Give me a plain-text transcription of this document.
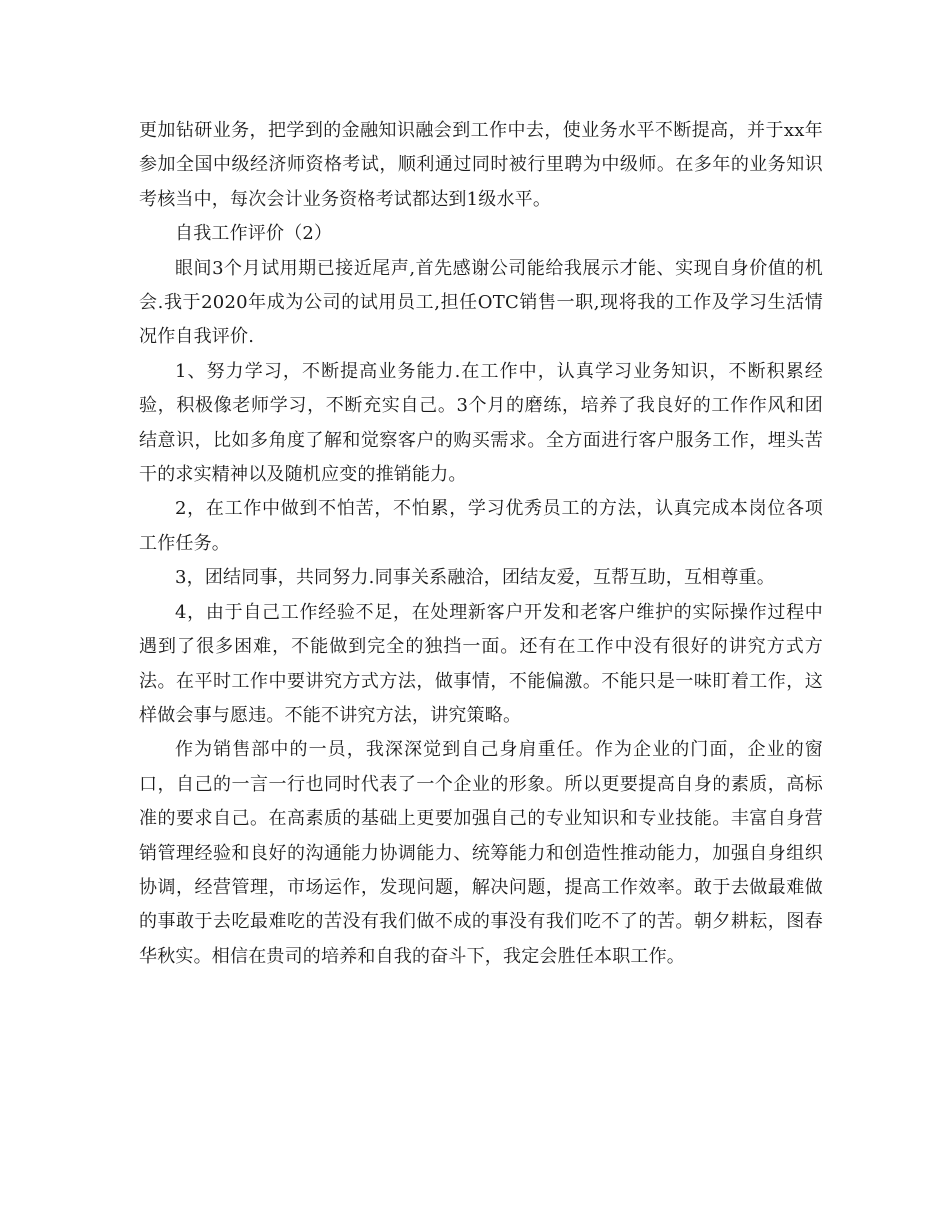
更加钻研业务，把学到的金融知识融会到工作中去，使业务水平不断提高，并于xx年参加全国中级经济师资格考试，顺利通过同时被行里聘为中级师。在多年的业务知识考核当中，每次会计业务资格考试都达到1级水平。

自我工作评价（2）

眼间3个月试用期已接近尾声,首先感谢公司能给我展示才能、实现自身价值的机会.我于2020年成为公司的试用员工,担任OTC销售一职,现将我的工作及学习生活情况作自我评价.

1、努力学习，不断提高业务能力.在工作中，认真学习业务知识，不断积累经验，积极像老师学习，不断充实自己。3个月的磨练，培养了我良好的工作作风和团结意识，比如多角度了解和觉察客户的购买需求。全方面进行客户服务工作，埋头苦干的求实精神以及随机应变的推销能力。

2，在工作中做到不怕苦，不怕累，学习优秀员工的方法，认真完成本岗位各项工作任务。

3，团结同事，共同努力.同事关系融洽，团结友爱，互帮互助，互相尊重。

4，由于自己工作经验不足，在处理新客户开发和老客户维护的实际操作过程中遇到了很多困难，不能做到完全的独挡一面。还有在工作中没有很好的讲究方式方法。在平时工作中要讲究方式方法，做事情，不能偏激。不能只是一味盯着工作，这样做会事与愿违。不能不讲究方法，讲究策略。

作为销售部中的一员，我深深觉到自己身肩重任。作为企业的门面，企业的窗口，自己的一言一行也同时代表了一个企业的形象。所以更要提高自身的素质，高标准的要求自己。在高素质的基础上更要加强自己的专业知识和专业技能。丰富自身营销管理经验和良好的沟通能力协调能力、统筹能力和创造性推动能力，加强自身组织协调，经营管理，市场运作，发现问题，解决问题，提高工作效率。敢于去做最难做的事敢于去吃最难吃的苦没有我们做不成的事没有我们吃不了的苦。朝夕耕耘，图春华秋实。相信在贵司的培养和自我的奋斗下，我定会胜任本职工作。
